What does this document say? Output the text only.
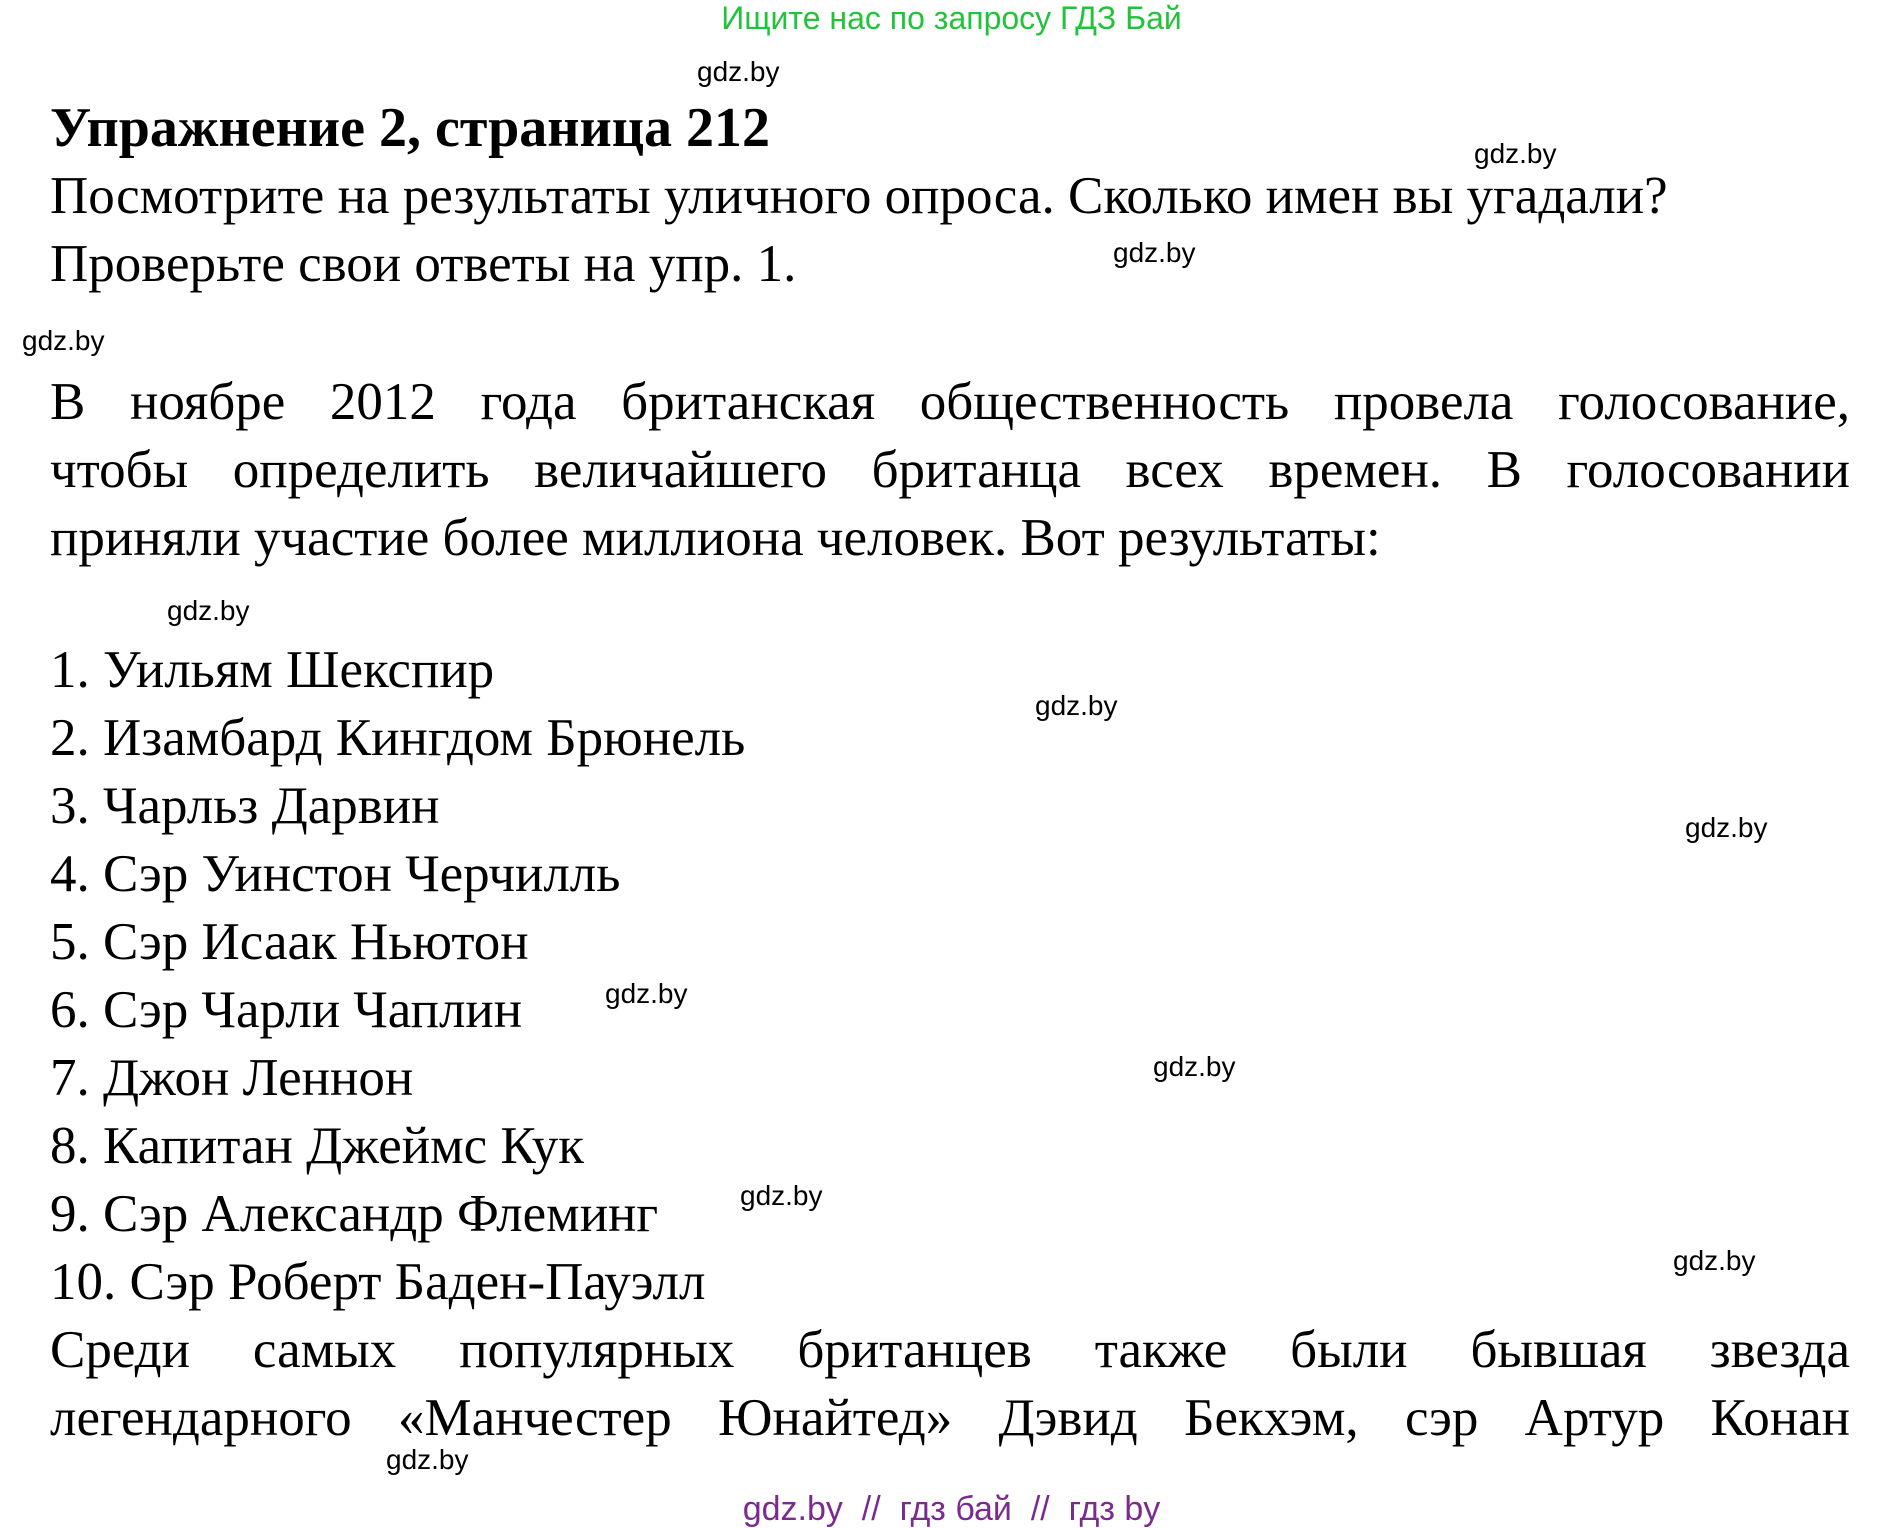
Ищите нас по запросу ГДЗ Бай
gdz.by
gdz.by
gdz.by
gdz.by
gdz.by
gdz.by
gdz.by
gdz.by
gdz.by
gdz.by
gdz.by
gdz.by
Упражнение 2, страница 212
Посмотрите на результаты уличного опроса. Сколько имен вы угадали?
Проверьте свои ответы на упр. 1.
В ноябре 2012 года британская общественность провела голосование,
чтобы определить величайшего британца всех времен. В голосовании
приняли участие более миллиона человек. Вот результаты:
1. Уильям Шекспир
2. Изамбард Кингдом Брюнель
3. Чарльз Дарвин
4. Сэр Уинстон Черчилль
5. Сэр Исаак Ньютон
6. Сэр Чарли Чаплин
7. Джон Леннон
8. Капитан Джеймс Кук
9. Сэр Александр Флеминг
10. Сэр Роберт Баден-Пауэлл
Среди самых популярных британцев также были бывшая звезда
легендарного «Манчестер Юнайтед» Дэвид Бекхэм, сэр Артур Конан
gdz.by  //  гдз бай  //  гдз by
